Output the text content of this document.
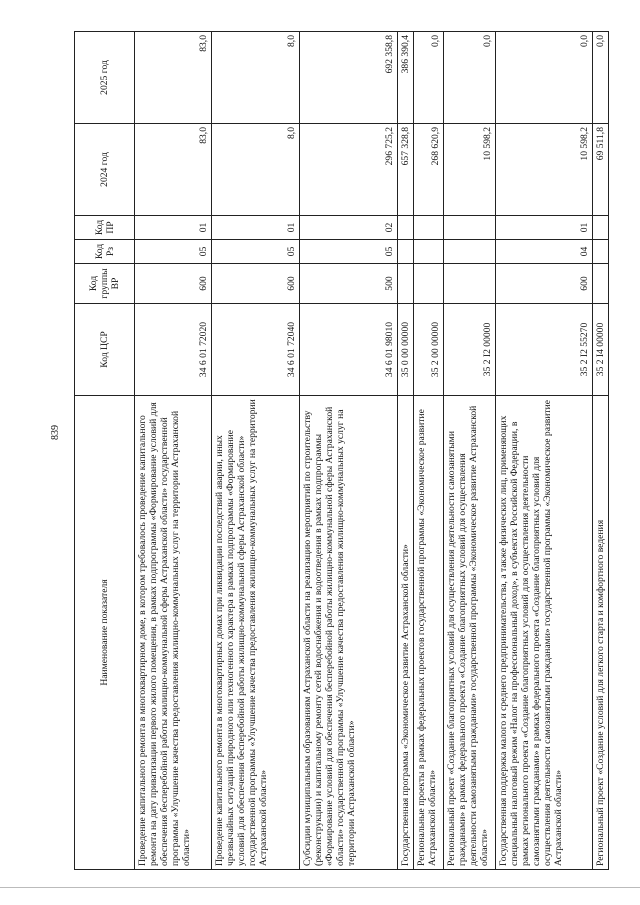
839
Наименование показателя	Код ЦСР	Код группы ВР	Код Рз	Код ПР	2024 год	2025 год
Проведение капитального ремонта в многоквартирном доме, в котором требовалось проведение капитального ремонта на дату приватизации первого жилого помещения, в рамках подпрограммы «Формирование условий для обеспечения бесперебойной работы жилищно-коммунальной сферы Астраханской области» государственной программы «Улучшение качества предоставления жилищно-коммунальных услуг на территории Астраханской области»	34 6 01 72020	600	05	01	83,0	83,0
Проведение капитального ремонта в многоквартирных домах при ликвидации последствий аварии, иных чрезвычайных ситуаций природного или техногенного характера в рамках подпрограммы «Формирование условий для обеспечения бесперебойной работы жилищно-коммунальной сферы Астраханской области» государственной программы «Улучшение качества предоставления жилищно-коммунальных услуг на территории Астраханской области»	34 6 01 72040	600	05	01	8,0	8,0
Субсидии муниципальным образованиям Астраханской области на реализацию мероприятий по строительству (реконструкции) и капитальному ремонту сетей водоснабжения и водоотведения в рамках подпрограммы «Формирование условий для обеспечения бесперебойной работы жилищно-коммунальной сферы Астраханской области» государственной программы «Улучшение качества предоставления жилищно-коммунальных услуг на территории Астраханской области»	34 6 01 98010	500	05	02	296 725,2	692 358,8
Государственная программа «Экономическое развитие Астраханской области»	35 0 00 00000				657 328,8	386 390,4
Региональные проекты в рамках федеральных проектов государственной программы «Экономическое развитие Астраханской области»	35 2 00 00000				268 620,9	0,0
Региональный проект «Создание благоприятных условий для осуществления деятельности самозанятыми гражданами» в рамках федерального проекта «Создание благоприятных условий для осуществления деятельности самозанятыми гражданами» государственной программы «Экономическое развитие Астраханской области»	35 2 I2 00000				10 598,2	0,0
Государственная поддержка малого и среднего предпринимательства, а также физических лиц, применяющих специальный налоговый режим «Налог на профессиональный доход», в субъектах Российской Федерации, в рамках регионального проекта «Создание благоприятных условий для осуществления деятельности самозанятыми гражданами» в рамках федерального проекта «Создание благоприятных условий для осуществления деятельности самозанятыми гражданами» государственной программы «Экономическое развитие Астраханской области»	35 2 I2 55270	600	04	01	10 598,2	0,0
Региональный проект «Создание условий для легкого старта и комфортного ведения	35 2 I4 00000				69 511,8	0,0
